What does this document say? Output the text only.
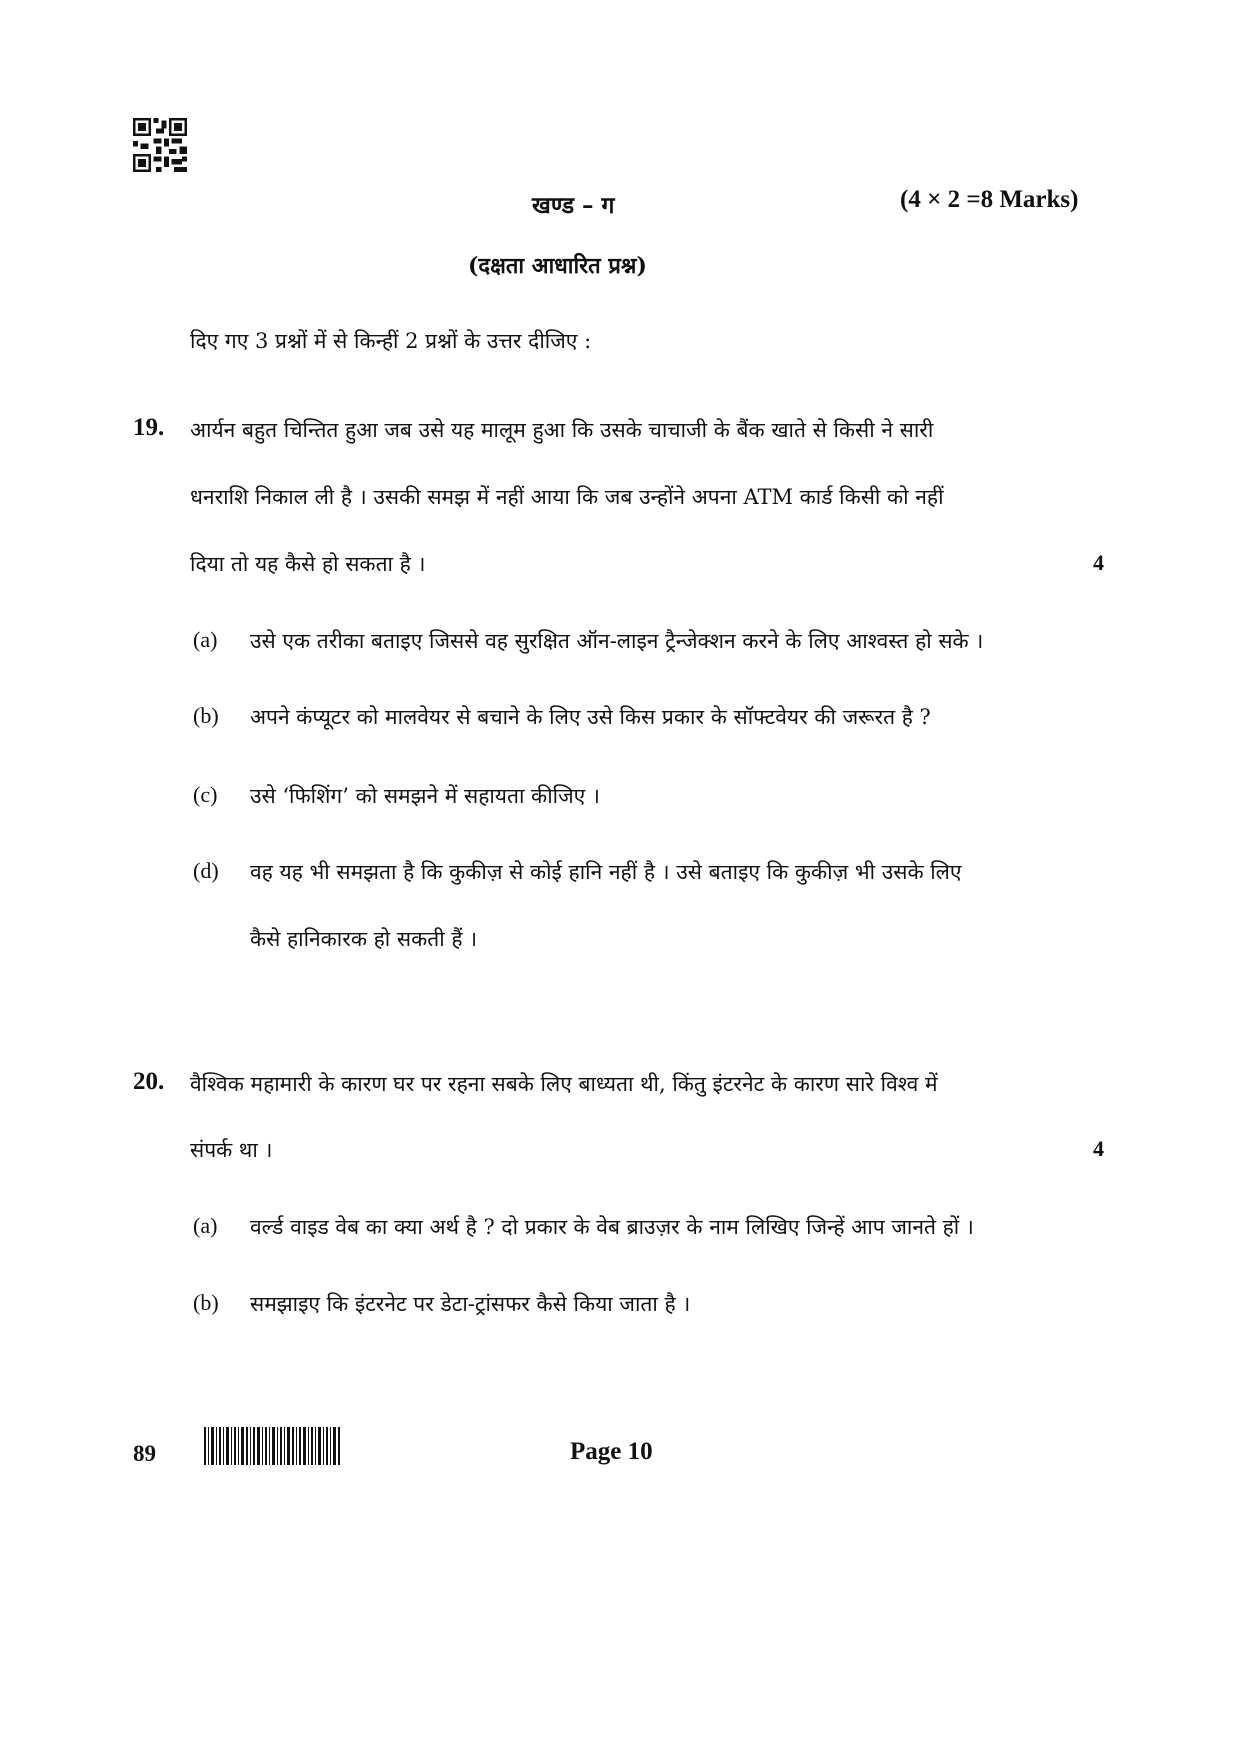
खण्ड – ग	(4 × 2 =8 Marks)
(दक्षता आधारित प्रश्न)
दिए गए 3 प्रश्नों में से किन्हीं 2 प्रश्नों के उत्तर दीजिए :
19. आर्यन बहुत चिन्तित हुआ जब उसे यह मालूम हुआ कि उसके चाचाजी के बैंक खाते से किसी ने सारी
धनराशि निकाल ली है । उसकी समझ में नहीं आया कि जब उन्होंने अपना ATM कार्ड किसी को नहीं
दिया तो यह कैसे हो सकता है ।	4
(a) उसे एक तरीका बताइए जिससे वह सुरक्षित ऑन-लाइन ट्रैन्जेक्शन करने के लिए आश्वस्त हो सके ।
(b) अपने कंप्यूटर को मालवेयर से बचाने के लिए उसे किस प्रकार के सॉफ्टवेयर की जरूरत है ?
(c) उसे ‘फिशिंग’ को समझने में सहायता कीजिए ।
(d) वह यह भी समझता है कि कुकीज़ से कोई हानि नहीं है । उसे बताइए कि कुकीज़ भी उसके लिए
कैसे हानिकारक हो सकती हैं ।
20. वैश्विक महामारी के कारण घर पर रहना सबके लिए बाध्यता थी, किंतु इंटरनेट के कारण सारे विश्व में
संपर्क था ।	4
(a) वर्ल्ड वाइड वेब का क्या अर्थ है ? दो प्रकार के वेब ब्राउज़र के नाम लिखिए जिन्हें आप जानते हों ।
(b) समझाइए कि इंटरनेट पर डेटा-ट्रांसफर कैसे किया जाता है ।
89	Page 10
